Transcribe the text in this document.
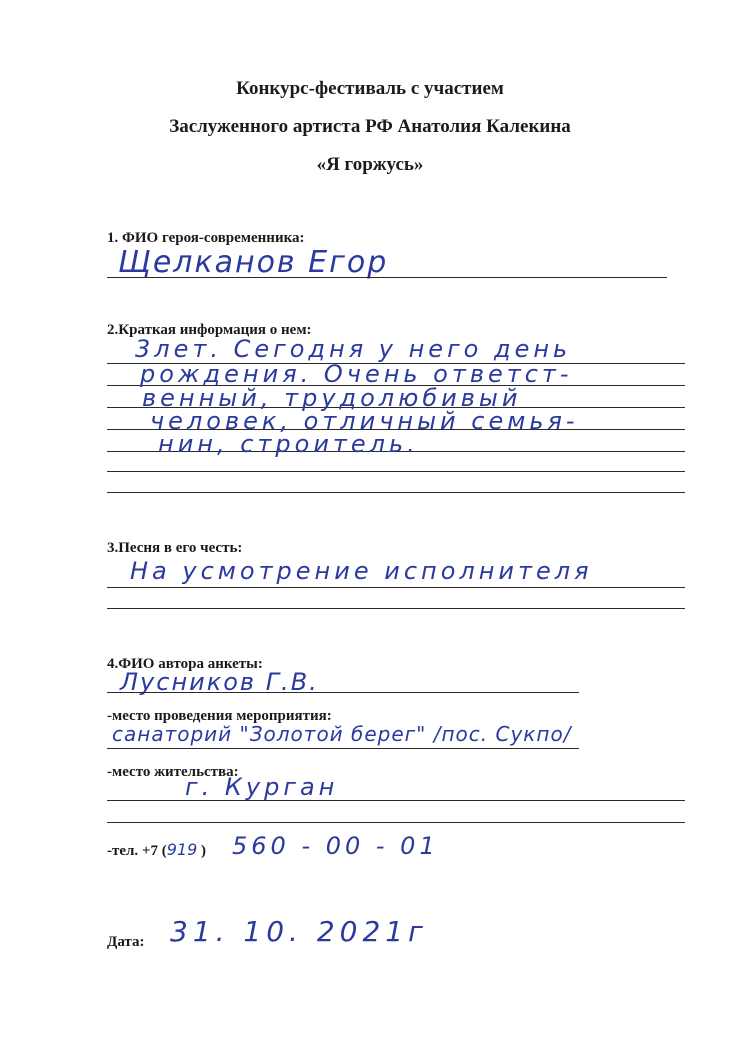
Конкурс-фестиваль с участием
Заслуженного артиста РФ Анатолия Калекина
«Я горжусь»
1. ФИО героя-современника:
Щелканов Егор
2.Краткая информация о нем:
3лет. Сегодня у него день
рождения. Очень ответст-
венный, трудолюбивый
человек, отличный семья-
нин, строитель.
3.Песня в его честь:
На усмотрение исполнителя
4.ФИО автора анкеты:
Лусников Г.В.
-место проведения мероприятия:
санаторий "Золотой берег" /пос. Сукпо/
-место жительства:
г. Курган
-тел. +7 (919 ) 560 - 00 - 01
Дата: 31. 10. 2021г
